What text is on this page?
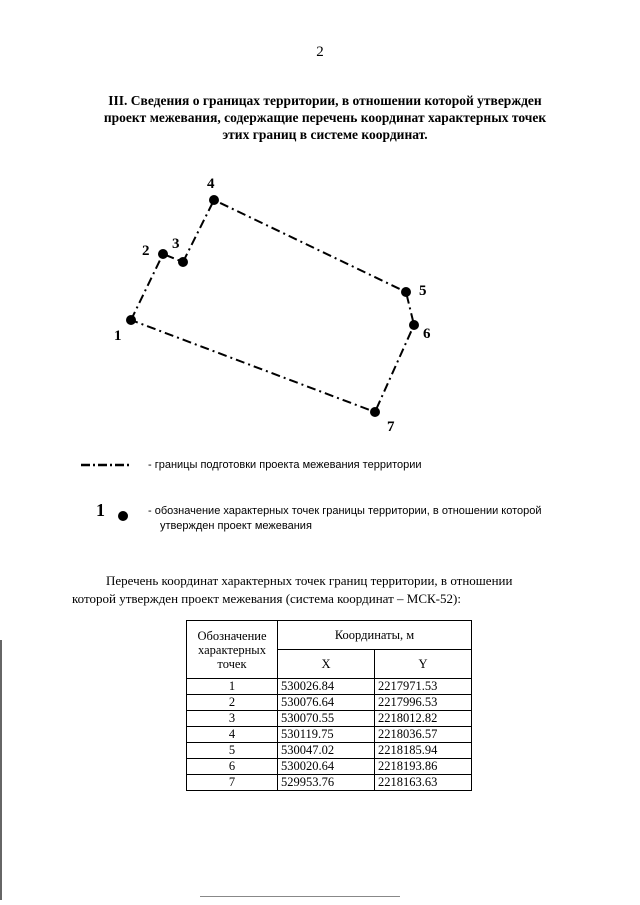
2
III. Сведения о границах территории, в отношении которой утвержден
проект межевания, содержащие перечень координат характерных точек
этих границ в системе координат.
1
2 3
4
5
6
7
- границы подготовки проекта межевания территории
1	- обозначение характерных точек границы территории, в отношении которой
утвержден проект межевания
Перечень координат характерных точек границ территории, в отношении
которой утвержден проект межевания (система координат – МСК-52):
Обозначение характерных точек	Координаты, м	
	X	Y
1	530026.84	2217971.53
2	530076.64	2217996.53
3	530070.55	2218012.82
4	530119.75	2218036.57
5	530047.02	2218185.94
6	530020.64	2218193.86
7	529953.76	2218163.63
